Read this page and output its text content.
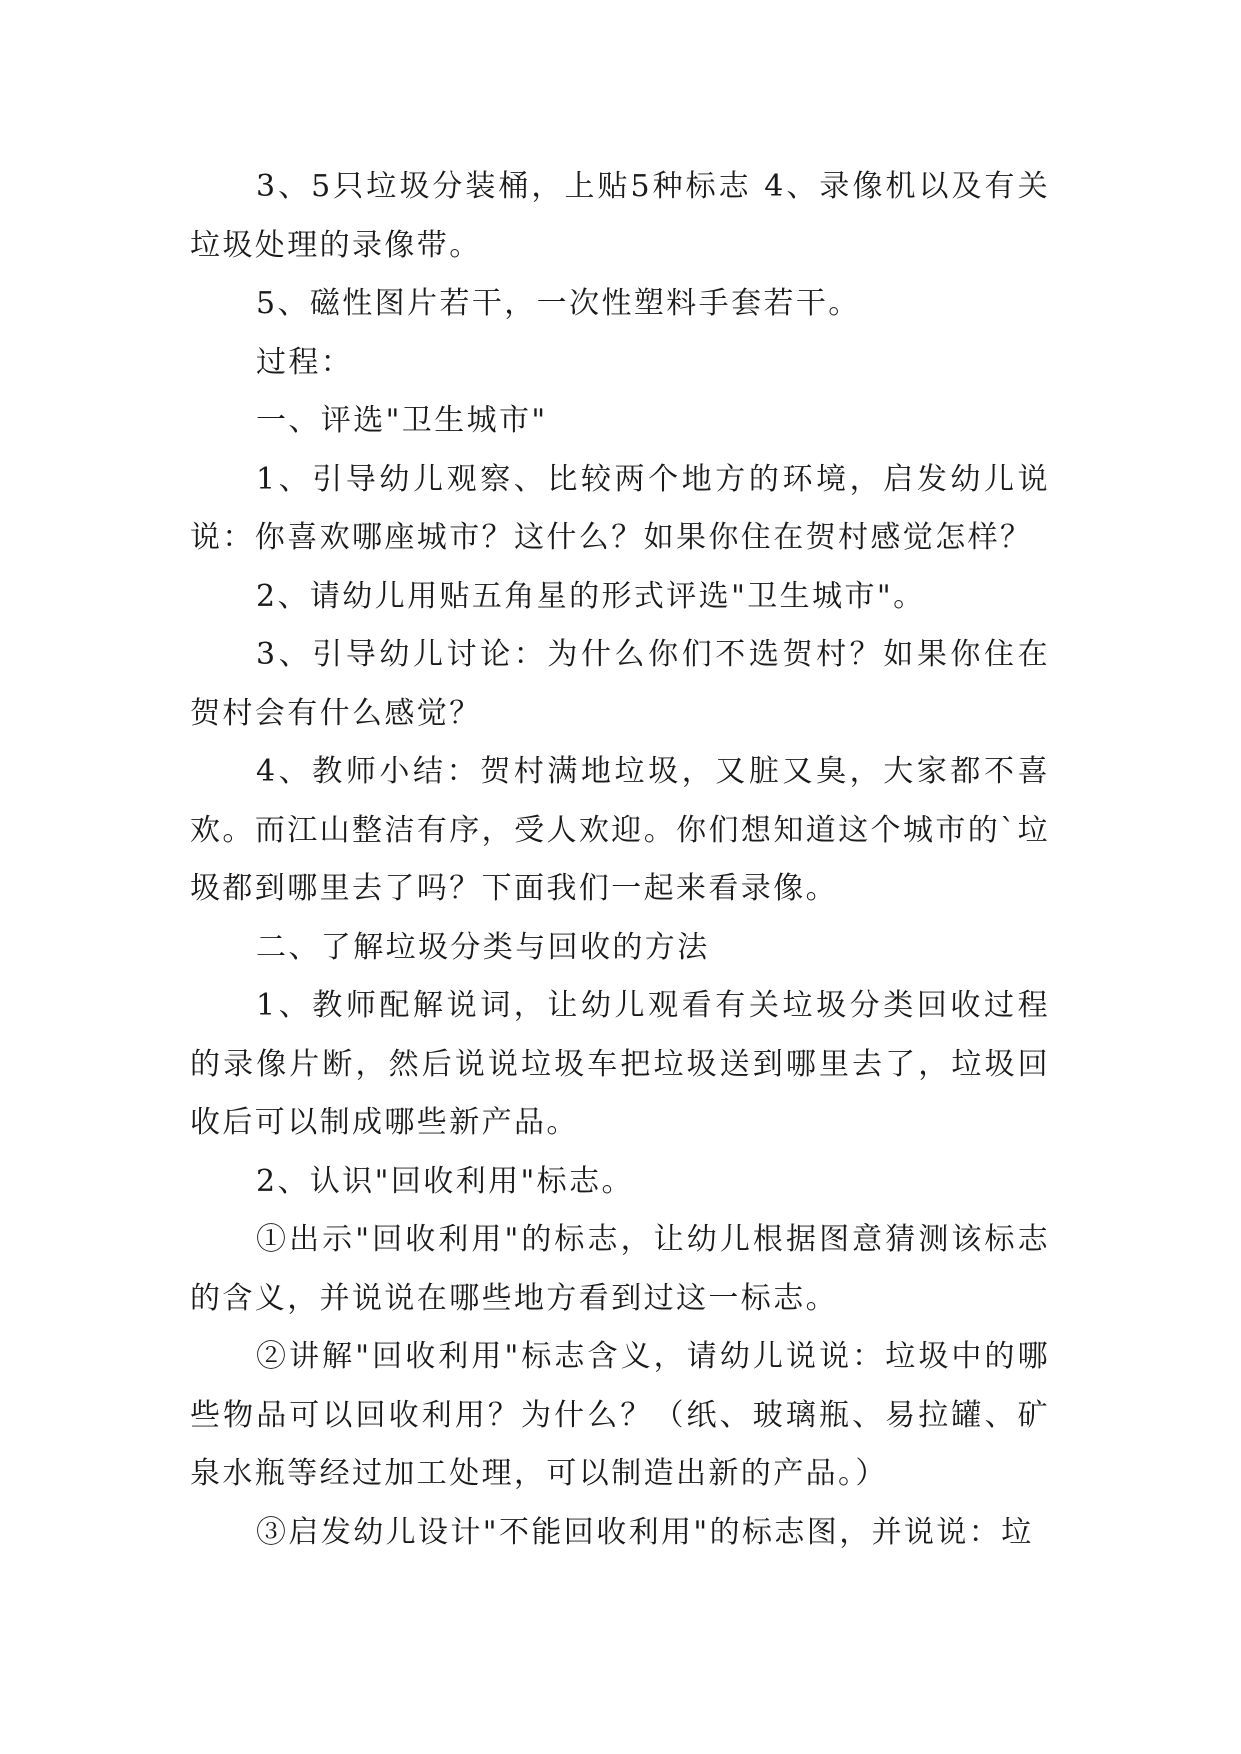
3、5只垃圾分装桶，上贴5种标志 4、录像机以及有关垃圾处理的录像带。

5、磁性图片若干，一次性塑料手套若干。

过程：

一、评选"卫生城市"

1、引导幼儿观察、比较两个地方的环境，启发幼儿说说：你喜欢哪座城市？这什么？如果你住在贺村感觉怎样？

2、请幼儿用贴五角星的形式评选"卫生城市"。

3、引导幼儿讨论：为什么你们不选贺村？如果你住在贺村会有什么感觉？

4、教师小结：贺村满地垃圾，又脏又臭，大家都不喜欢。而江山整洁有序，受人欢迎。你们想知道这个城市的`垃圾都到哪里去了吗？下面我们一起来看录像。

二、了解垃圾分类与回收的方法

1、教师配解说词，让幼儿观看有关垃圾分类回收过程的录像片断，然后说说垃圾车把垃圾送到哪里去了，垃圾回收后可以制成哪些新产品。

2、认识"回收利用"标志。

①出示"回收利用"的标志，让幼儿根据图意猜测该标志的含义，并说说在哪些地方看到过这一标志。

②讲解"回收利用"标志含义，请幼儿说说：垃圾中的哪些物品可以回收利用？为什么？（纸、玻璃瓶、易拉罐、矿泉水瓶等经过加工处理，可以制造出新的产品。）

③启发幼儿设计"不能回收利用"的标志图，并说说：垃
